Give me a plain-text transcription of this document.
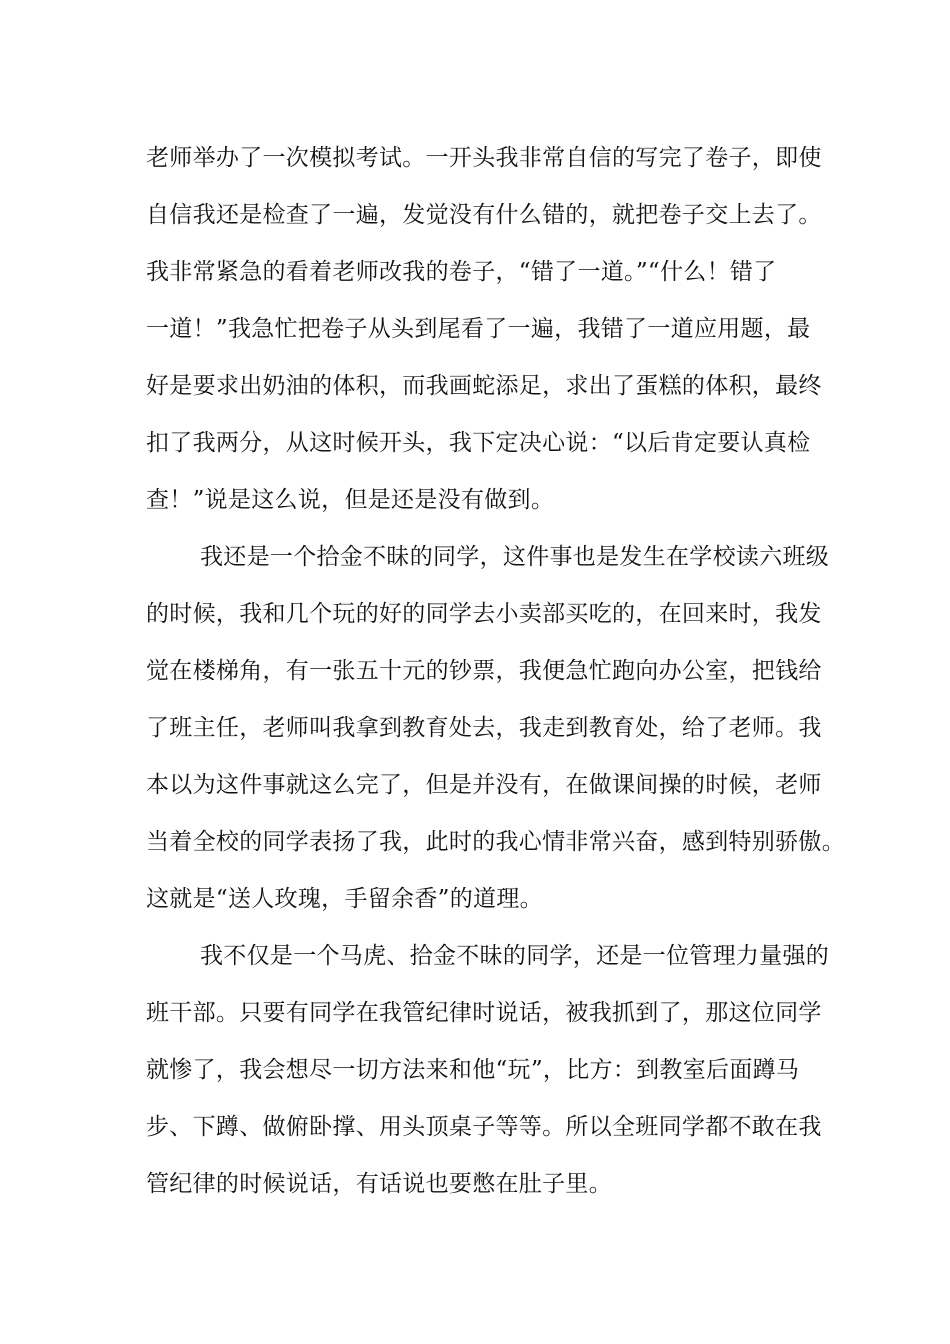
老师举办了一次模拟考试。一开头我非常自信的写完了卷子，即使
自信我还是检查了一遍，发觉没有什么错的，就把卷子交上去了。
我非常紧急的看着老师改我的卷子，“错了一道。”“什么！错了
一道！”我急忙把卷子从头到尾看了一遍，我错了一道应用题，最
好是要求出奶油的体积，而我画蛇添足，求出了蛋糕的体积，最终
扣了我两分，从这时候开头，我下定决心说：“以后肯定要认真检
查！”说是这么说，但是还是没有做到。
我还是一个拾金不昧的同学，这件事也是发生在学校读六班级
的时候，我和几个玩的好的同学去小卖部买吃的，在回来时，我发
觉在楼梯角，有一张五十元的钞票，我便急忙跑向办公室，把钱给
了班主任，老师叫我拿到教育处去，我走到教育处，给了老师。我
本以为这件事就这么完了，但是并没有，在做课间操的时候，老师
当着全校的同学表扬了我，此时的我心情非常兴奋，感到特别骄傲。
这就是“送人玫瑰，手留余香”的道理。
我不仅是一个马虎、拾金不昧的同学，还是一位管理力量强的
班干部。只要有同学在我管纪律时说话，被我抓到了，那这位同学
就惨了，我会想尽一切方法来和他“玩”，比方：到教室后面蹲马
步、下蹲、做俯卧撑、用头顶桌子等等。所以全班同学都不敢在我
管纪律的时候说话，有话说也要憋在肚子里。
